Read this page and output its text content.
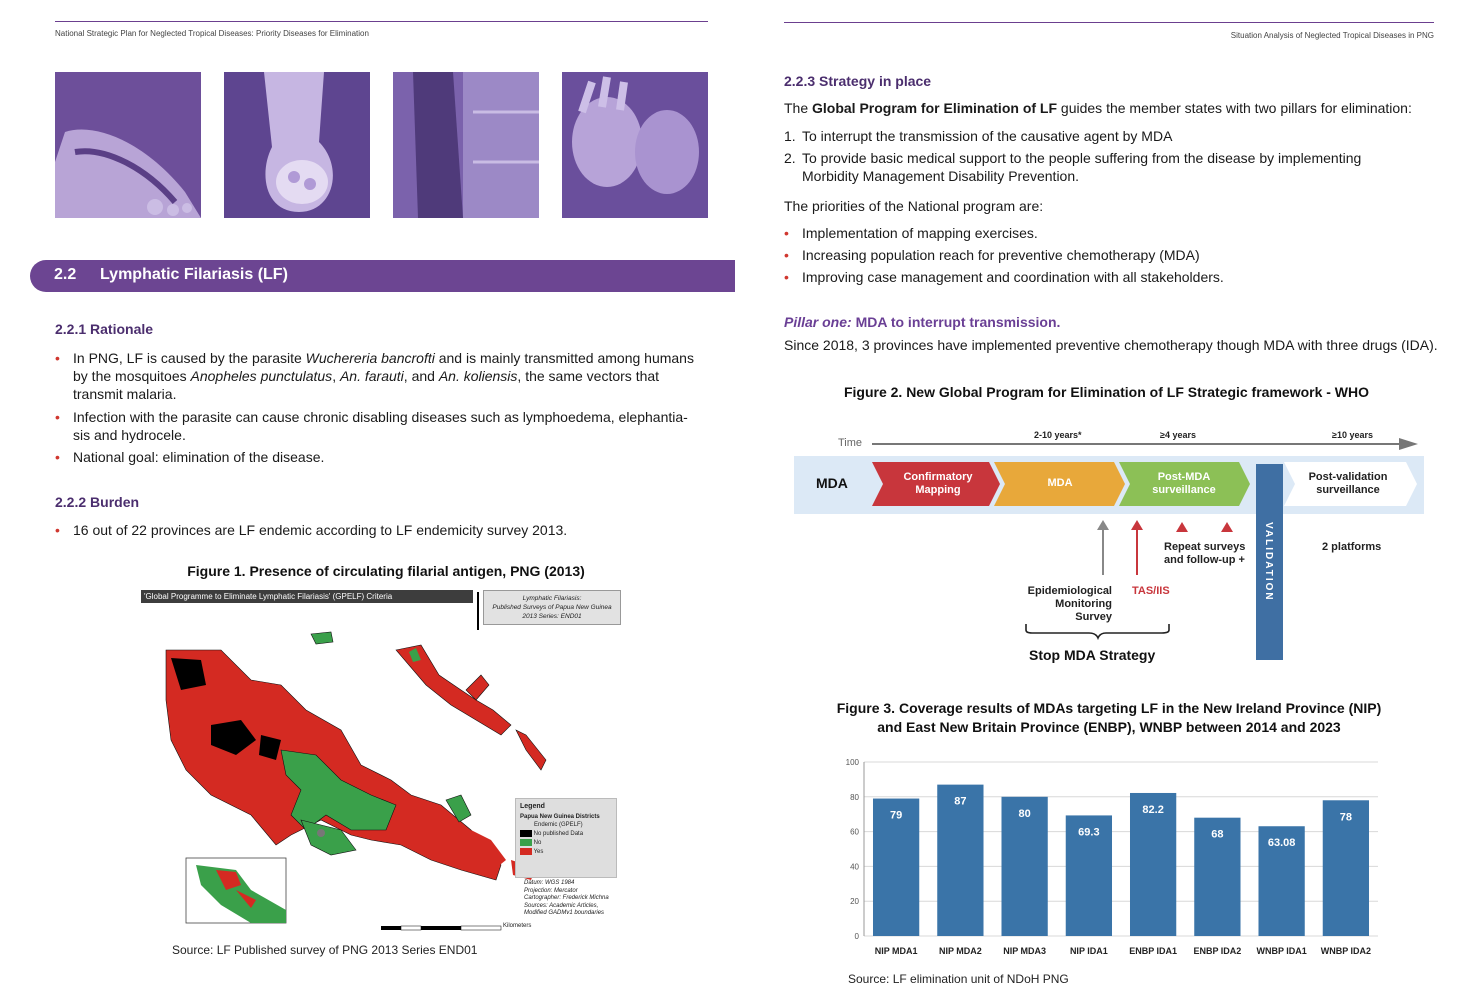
National Strategic Plan for Neglected Tropical Diseases: Priority Diseases for Elimination
2.2 Lymphatic Filariasis (LF)
2.2.1 Rationale
• In PNG, LF is caused by the parasite Wuchereria bancrofti and is mainly transmitted among humans
by the mosquitoes Anopheles punctulatus, An. farauti, and An. koliensis, the same vectors that
transmit malaria.
• Infection with the parasite can cause chronic disabling diseases such as lymphoedema, elephantia-
sis and hydrocele.
• National goal: elimination of the disease.
2.2.2 Burden
• 16 out of 22 provinces are LF endemic according to LF endemicity survey 2013.
Figure 1. Presence of circulating filarial antigen, PNG (2013)
'Global Programme to Eliminate Lymphatic Filariasis' (GPELF) Criteria	Lymphatic Filariasis:
Published Surveys of Papua New Guinea
2013 Series: END01
Kilometers
Legend
Papua New Guinea Districts
Endemic (GPELF)
No published Data
No
Yes
Datum: WGS 1984
Projection: Mercator
Cartographer: Frederick Michna
Sources: Academic Articles,
Modified GADMv1 boundaries
Source: LF Published survey of PNG 2013 Series END01
Situation Analysis of Neglected Tropical Diseases in PNG
2.2.3 Strategy in place
The Global Program for Elimination of LF guides the member states with two pillars for elimination:
1. To interrupt the transmission of the causative agent by MDA
2. To provide basic medical support to the people suffering from the disease by implementing
Morbidity Management Disability Prevention.
The priorities of the National program are:
• Implementation of mapping exercises.
• Increasing population reach for preventive chemotherapy (MDA)
• Improving case management and coordination with all stakeholders.
Pillar one: MDA to interrupt transmission.
Since 2018, 3 provinces have implemented preventive chemotherapy though MDA with three drugs (IDA).
Figure 2. New Global Program for Elimination of LF Strategic framework - WHO
Time
2-10 years*	≥4 years	≥10 years
MDA	Confirmatory
Mapping
MDA	Post-MDA
surveillance
Post-validation
surveillance
VALIDATION
Epidemiological
Monitoring
Survey
TAS/IIS
Repeat surveys
and follow-up +
2 platforms
Stop MDA Strategy
Figure 3. Coverage results of MDAs targeting LF in the New Ireland Province (NIP)
and East New Britain Province (ENBP), WNBP between 2014 and 2023
0
20
40
60
80
100
79
NIP MDA1
87
NIP MDA2
80
NIP MDA3
69.3
NIP IDA1
82.2
ENBP IDA1
68
ENBP IDA2
63.08
WNBP IDA1
78
WNBP IDA2
Source: LF elimination unit of NDoH PNG
